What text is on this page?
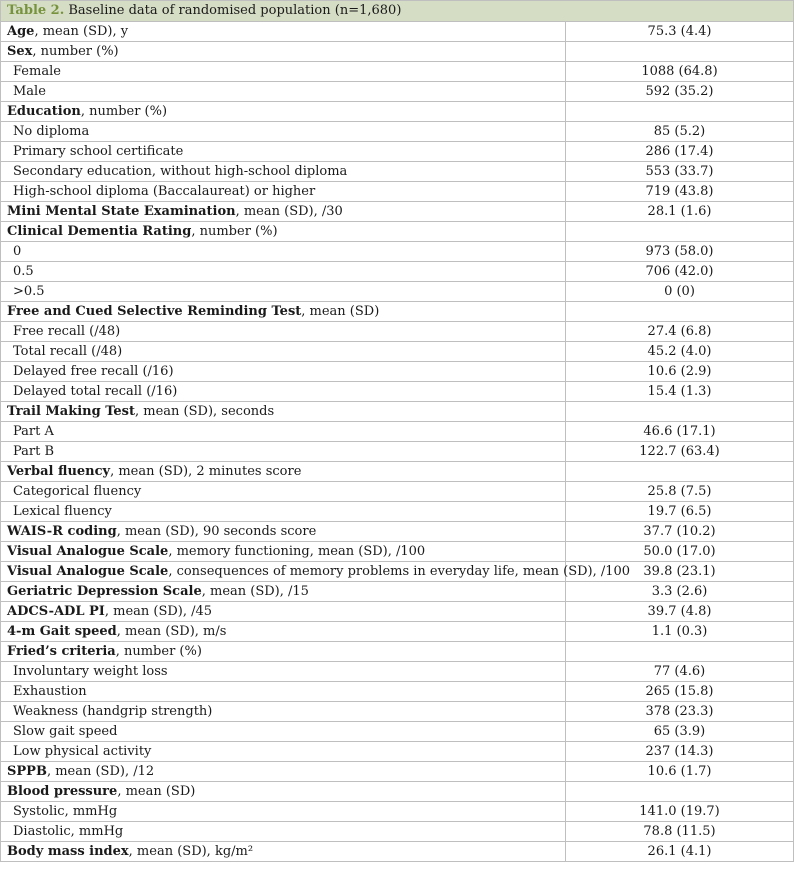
Table 2. Baseline data of randomised population (n=1,680)	
Age, mean (SD), y	75.3 (4.4)
Sex, number (%)	
Female	1088 (64.8)
Male	592 (35.2)
Education, number (%)	
No diploma	85 (5.2)
Primary school certificate	286 (17.4)
Secondary education, without high-school diploma	553 (33.7)
High-school diploma (Baccalaureat) or higher	719 (43.8)
Mini Mental State Examination, mean (SD), /30	28.1 (1.6)
Clinical Dementia Rating, number (%)	
0	973 (58.0)
0.5	706 (42.0)
>0.5	0 (0)
Free and Cued Selective Reminding Test, mean (SD)	
Free recall (/48)	27.4 (6.8)
Total recall (/48)	45.2 (4.0)
Delayed free recall (/16)	10.6 (2.9)
Delayed total recall (/16)	15.4 (1.3)
Trail Making Test, mean (SD), seconds	
Part A	46.6 (17.1)
Part B	122.7 (63.4)
Verbal fluency, mean (SD), 2 minutes score	
Categorical fluency	25.8 (7.5)
Lexical fluency	19.7 (6.5)
WAIS-R coding, mean (SD), 90 seconds score	37.7 (10.2)
Visual Analogue Scale, memory functioning, mean (SD), /100	50.0 (17.0)
Visual Analogue Scale, consequences of memory problems in everyday life, mean (SD), /100	39.8 (23.1)
Geriatric Depression Scale, mean (SD), /15	3.3 (2.6)
ADCS-ADL PI, mean (SD), /45	39.7 (4.8)
4-m Gait speed, mean (SD), m/s	1.1 (0.3)
Fried’s criteria, number (%)	
Involuntary weight loss	77 (4.6)
Exhaustion	265 (15.8)
Weakness (handgrip strength)	378 (23.3)
Slow gait speed	65 (3.9)
Low physical activity	237 (14.3)
SPPB, mean (SD), /12	10.6 (1.7)
Blood pressure, mean (SD)	
Systolic, mmHg	141.0 (19.7)
Diastolic, mmHg	78.8 (11.5)
Body mass index, mean (SD), kg/m²	26.1 (4.1)
